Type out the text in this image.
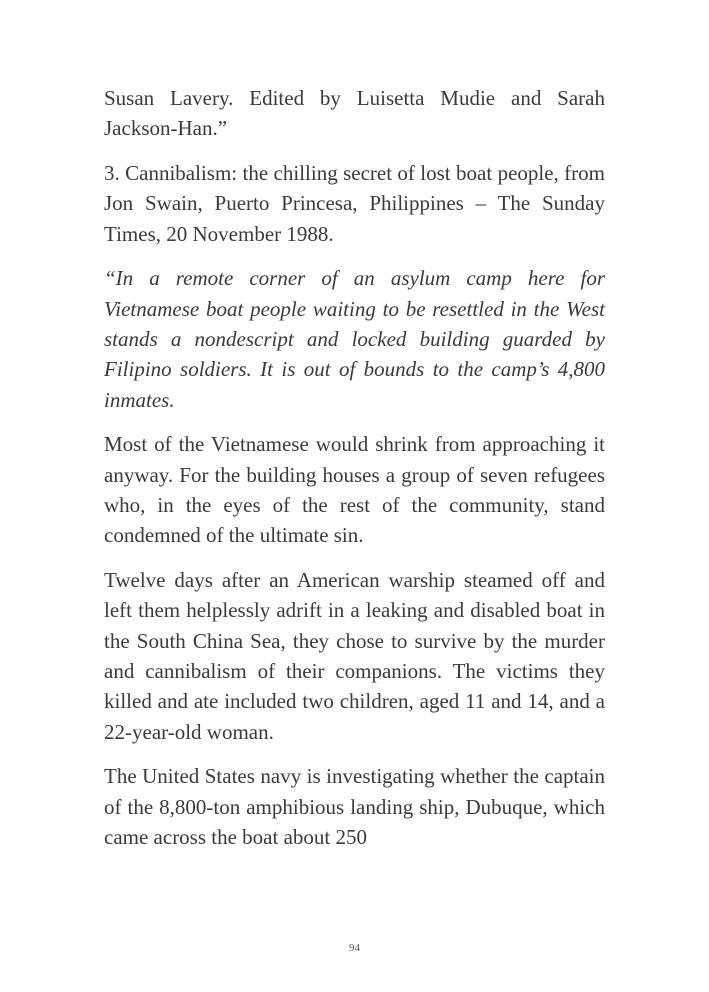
Susan Lavery. Edited by Luisetta Mudie and Sarah Jackson-Han.”

3. Cannibalism: the chilling secret of lost boat people, from Jon Swain, Puerto Princesa, Philippines – The Sunday Times, 20 November 1988.

“In a remote corner of an asylum camp here for Vietnamese boat people waiting to be resettled in the West stands a nondescript and locked building guarded by Filipino soldiers. It is out of bounds to the camp’s 4,800 inmates.

Most of the Vietnamese would shrink from approaching it anyway. For the building houses a group of seven refugees who, in the eyes of the rest of the community, stand condemned of the ultimate sin.

Twelve days after an American warship steamed off and left them helplessly adrift in a leaking and disabled boat in the South China Sea, they chose to survive by the murder and cannibalism of their companions. The victims they killed and ate included two children, aged 11 and 14, and a 22-year-old woman.

The United States navy is investigating whether the captain of the 8,800-ton amphibious landing ship, Dubuque, which came across the boat about 250

94
